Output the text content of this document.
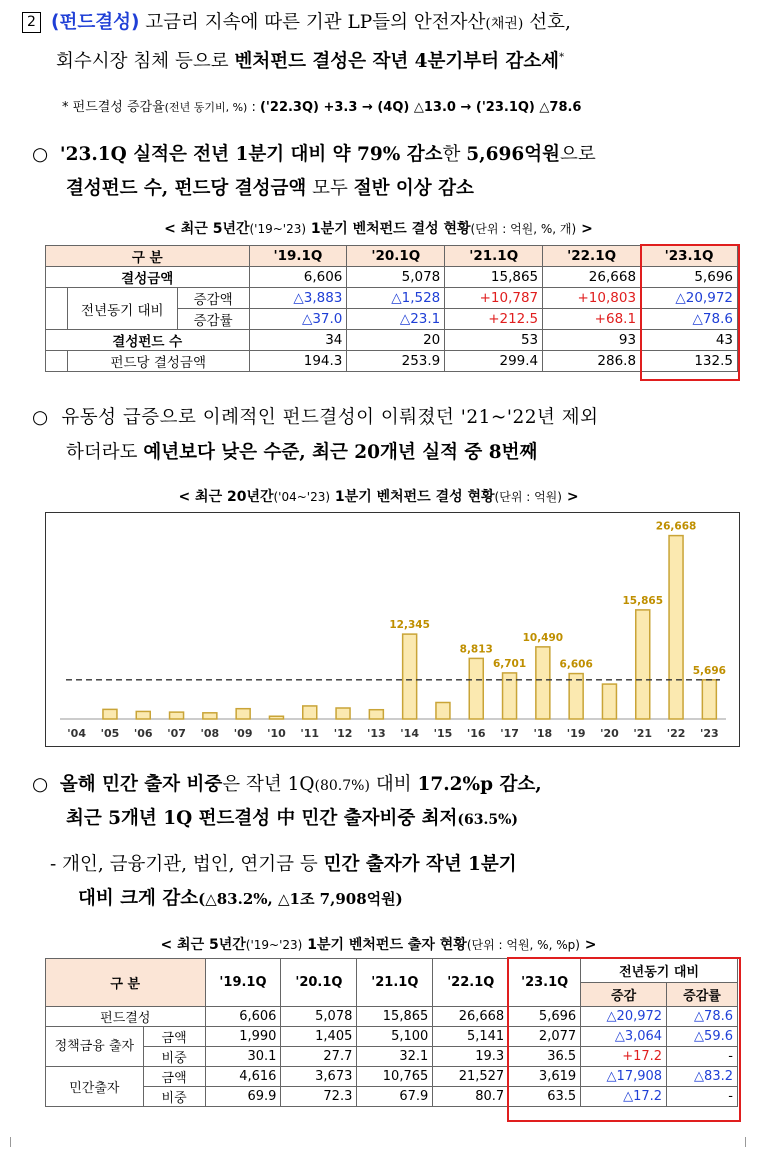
2 (펀드결성) 고금리 지속에 따른 기관 LP들의 안전자산(채권) 선호,
회수시장 침체 등으로 벤처펀드 결성은 작년 4분기부터 감소세*
* 펀드결성 증감율(전년 동기비, %) : ('22.3Q) +3.3 → (4Q) △13.0 → ('23.1Q) △78.6
○ '23.1Q 실적은 전년 1분기 대비 약 79% 감소한 5,696억원으로
결성펀드 수, 펀드당 결성금액 모두 절반 이상 감소
< 최근 5년간('19~'23) 1분기 벤처펀드 결성 현황(단위 : 억원, %, 개) >
구 분			'19.1Q	'20.1Q	'21.1Q	'22.1Q	'23.1Q
결성금액			6,606	5,078	15,865	26,668	5,696
	전년동기 대비	증감액	△3,883	△1,528	+10,787	+10,803	△20,972
		증감률	△37.0	△23.1	+212.5	+68.1	△78.6
결성펀드 수			34	20	53	93	43
	펀드당 결성금액		194.3	253.9	299.4	286.8	132.5
○ 유동성 급증으로 이례적인 펀드결성이 이뤄졌던 '21~'22년 제외
하더라도 예년보다 낮은 수준, 최근 20개년 실적 중 8번째
< 최근 20년간('04~'23) 1분기 벤처펀드 결성 현황(단위 : 억원) >
'04 '05 '06 '07 '08 '09 '10 '11 '12 '13 '14
12,345
'15 '16
8,813
'17
6,701
'18
10,490
'19
6,606
'20 '21
15,865
'22
26,668
'23
5,696
○ 올해 민간 출자 비중은 작년 1Q(80.7%) 대비 17.2%p 감소,
최근 5개년 1Q 펀드결성 中 민간 출자비중 최저(63.5%)
- 개인, 금융기관, 법인, 연기금 등 민간 출자가 작년 1분기
대비 크게 감소(△83.2%, △1조 7,908억원)
< 최근 5년간('19~'23) 1분기 벤처펀드 출자 현황(단위 : 억원, %, %p) >
구 분		'19.1Q	'20.1Q	'21.1Q	'22.1Q	'23.1Q	전년동기 대비	
							증감	증감률
펀드결성		6,606	5,078	15,865	26,668	5,696	△20,972	△78.6
정책금융 출자	금액	1,990	1,405	5,100	5,141	2,077	△3,064	△59.6
	비중	30.1	27.7	32.1	19.3	36.5	+17.2	-
민간출자	금액	4,616	3,673	10,765	21,527	3,619	△17,908	△83.2
	비중	69.9	72.3	67.9	80.7	63.5	△17.2	-
